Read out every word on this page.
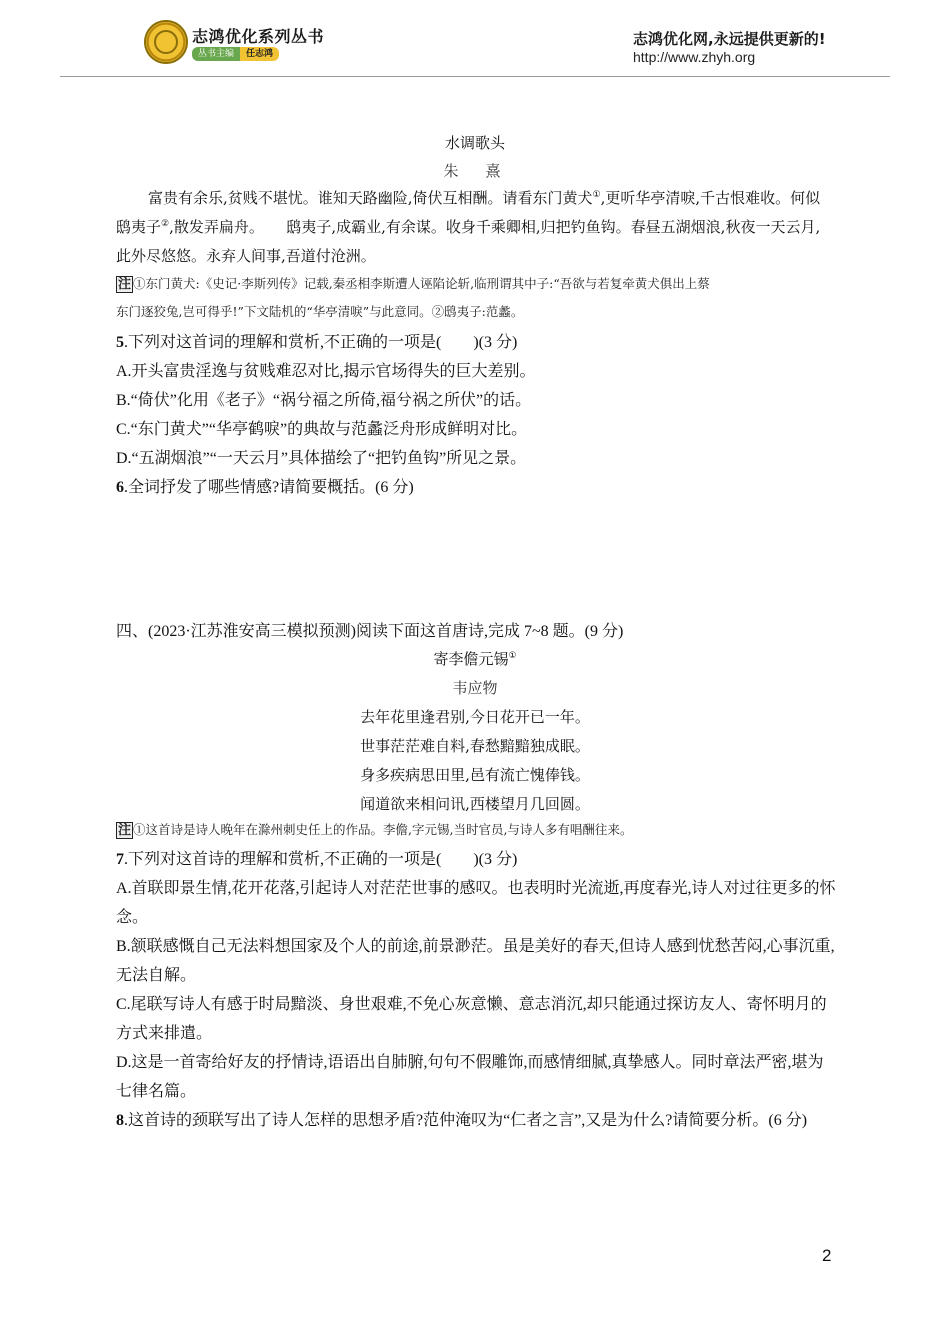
志鸿优化系列丛书
丛书主编	任志鸿
志鸿优化网,永远提供更新的!
http://www.zhyh.org
水调歌头
朱　熹

富贵有余乐,贫贱不堪忧。谁知天路幽险,倚伏互相酬。请看东门黄犬①,更听华亭清唳,千古恨难收。何似鸱夷子②,散发弄扁舟。　　鸱夷子,成霸业,有余谋。收身千乘卿相,归把钓鱼钩。春昼五湖烟浪,秋夜一天云月,此外尽悠悠。永弃人间事,吾道付沧洲。

注 ①东门黄犬:《史记·李斯列传》记载,秦丞相李斯遭人诬陷论斩,临刑谓其中子:“吾欲与若复牵黄犬俱出上蔡
东门逐狡兔,岂可得乎!”下文陆机的“华亭清唳”与此意同。②鸱夷子:范蠡。

5.下列对这首词的理解和赏析,不正确的一项是(　　)(3 分)

A.开头富贵淫逸与贫贱难忍对比,揭示官场得失的巨大差别。

B.“倚伏”化用《老子》“祸兮福之所倚,福兮祸之所伏”的话。

C.“东门黄犬”“华亭鹤唳”的典故与范蠡泛舟形成鲜明对比。

D.“五湖烟浪”“一天云月”具体描绘了“把钓鱼钩”所见之景。

6.全词抒发了哪些情感?请简要概括。(6 分)

四、(2023·江苏淮安高三模拟预测)阅读下面这首唐诗,完成 7~8 题。(9 分)
寄李儋元锡①
韦应物
去年花里逢君别,今日花开已一年。
世事茫茫难自料,春愁黯黯独成眠。
身多疾病思田里,邑有流亡愧俸钱。
闻道欲来相问讯,西楼望月几回圆。
注 ①这首诗是诗人晚年在滁州刺史任上的作品。李儋,字元锡,当时官员,与诗人多有唱酬往来。

7.下列对这首诗的理解和赏析,不正确的一项是(　　)(3 分)

A.首联即景生情,花开花落,引起诗人对茫茫世事的感叹。也表明时光流逝,再度春光,诗人对过往更多的怀念。

B.颔联感慨自己无法料想国家及个人的前途,前景渺茫。虽是美好的春天,但诗人感到忧愁苦闷,心事沉重,无法自解。

C.尾联写诗人有感于时局黯淡、身世艰难,不免心灰意懒、意志消沉,却只能通过探访友人、寄怀明月的方式来排遣。

D.这是一首寄给好友的抒情诗,语语出自肺腑,句句不假雕饰,而感情细腻,真挚感人。同时章法严密,堪为七律名篇。

8.这首诗的颈联写出了诗人怎样的思想矛盾?范仲淹叹为“仁者之言”,又是为什么?请简要分析。(6 分)

2
